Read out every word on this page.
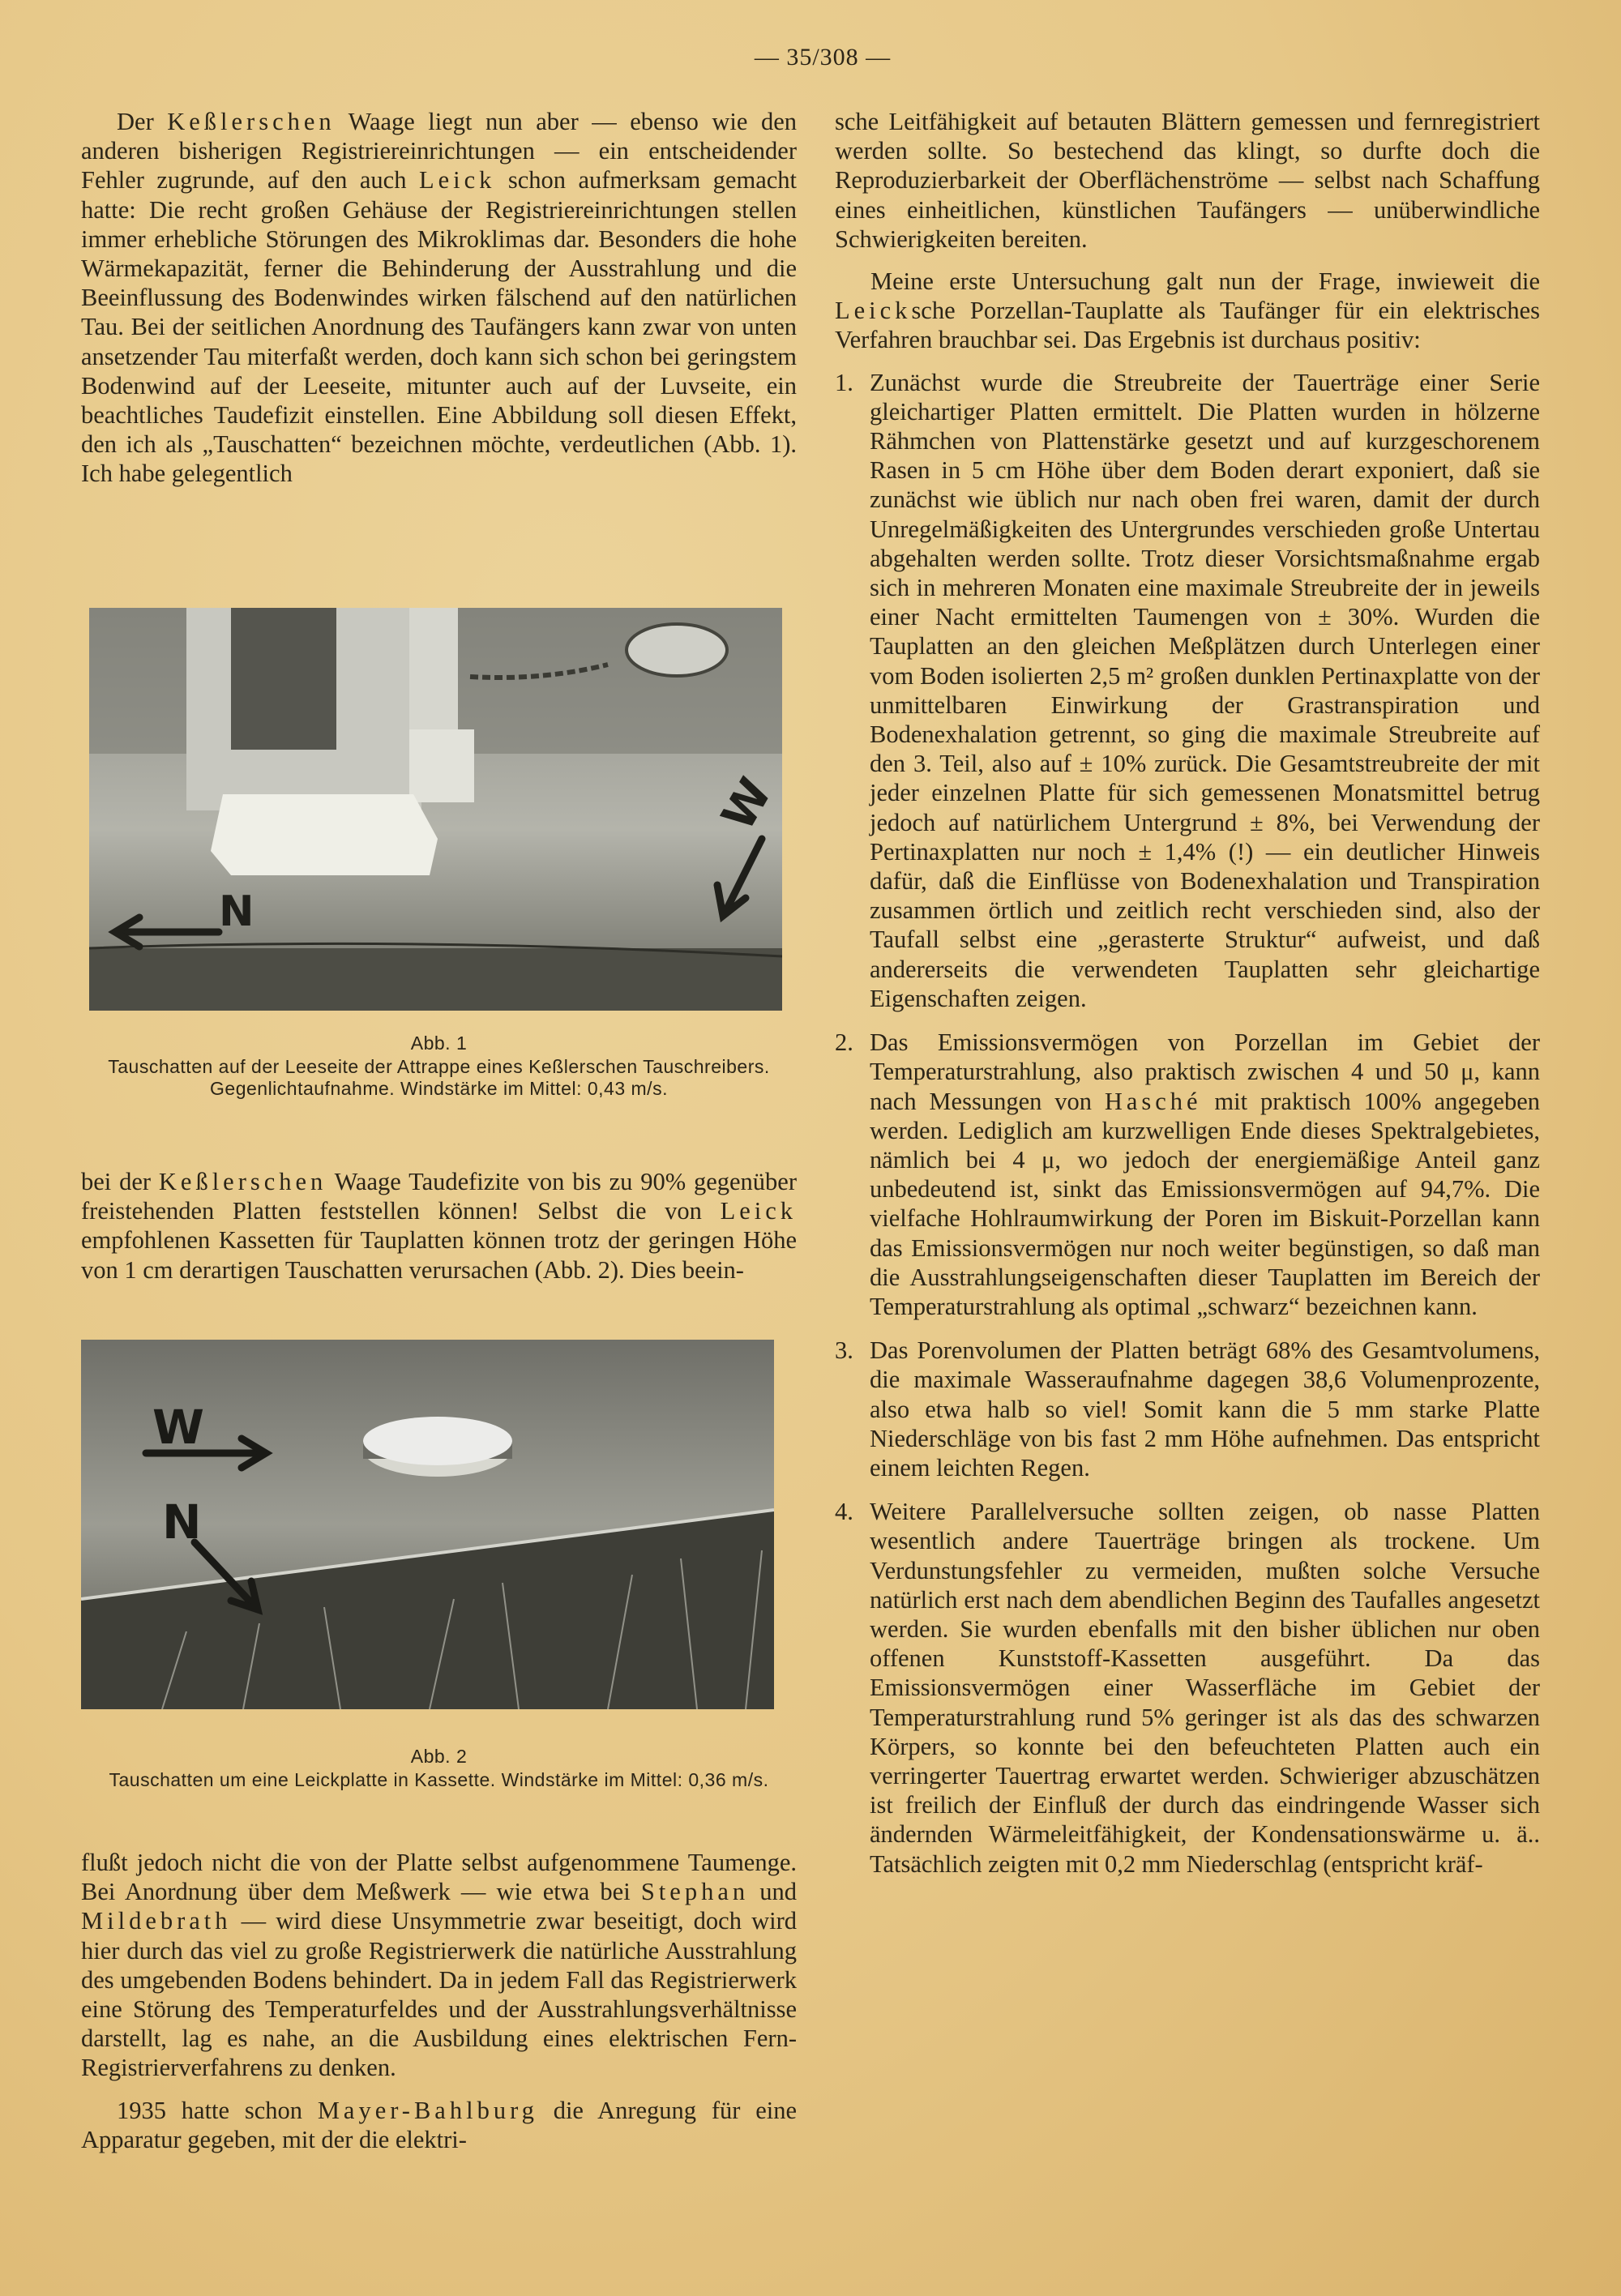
— 35/308 —

Der Keßlerschen Waage liegt nun aber — ebenso wie den anderen bisherigen Registriereinrichtungen — ein entscheidender Fehler zugrunde, auf den auch Leick schon aufmerksam gemacht hatte: Die recht großen Gehäuse der Registriereinrichtungen stellen immer erhebliche Störungen des Mikroklimas dar. Besonders die hohe Wärmekapazität, ferner die Behinderung der Ausstrahlung und die Beeinflussung des Bodenwindes wirken fälschend auf den natürlichen Tau. Bei der seitlichen Anordnung des Taufängers kann zwar von unten ansetzender Tau miterfaßt werden, doch kann sich schon bei geringstem Bodenwind auf der Leeseite, mitunter auch auf der Luvseite, ein beachtliches Taudefizit einstellen. Eine Abbildung soll diesen Effekt, den ich als „Tauschatten“ bezeichnen möchte, verdeutlichen (Abb. 1). Ich habe gelegentlich

N
W
Abb. 1
Tauschatten auf der Leeseite der Attrappe eines Keßlerschen Tauschreibers. Gegenlichtaufnahme. Windstärke im Mittel: 0,43 m/s.

bei der Keßlerschen Waage Taudefizite von bis zu 90% gegenüber freistehenden Platten feststellen können! Selbst die von Leick empfohlenen Kassetten für Tauplatten können trotz der geringen Höhe von 1 cm derartigen Tauschatten verursachen (Abb. 2). Dies beein-

W
N
Abb. 2
Tauschatten um eine Leickplatte in Kassette. Windstärke im Mittel: 0,36 m/s.

flußt jedoch nicht die von der Platte selbst aufgenommene Taumenge. Bei Anordnung über dem Meßwerk — wie etwa bei Stephan und Mildebrath — wird diese Unsymmetrie zwar beseitigt, doch wird hier durch das viel zu große Registrierwerk die natürliche Ausstrahlung des umgebenden Bodens behindert. Da in jedem Fall das Registrierwerk eine Störung des Temperaturfeldes und der Ausstrahlungsverhältnisse darstellt, lag es nahe, an die Ausbildung eines elektrischen Fern-Registrierverfahrens zu denken.

1935 hatte schon Mayer-Bahlburg die Anregung für eine Apparatur gegeben, mit der die elektri-

sche Leitfähigkeit auf betauten Blättern gemessen und fernregistriert werden sollte. So bestechend das klingt, so durfte doch die Reproduzierbarkeit der Oberflächenströme — selbst nach Schaffung eines einheitlichen, künstlichen Taufängers — unüberwindliche Schwierigkeiten bereiten.

Meine erste Untersuchung galt nun der Frage, inwieweit die Leicksche Porzellan-Tauplatte als Taufänger für ein elektrisches Verfahren brauchbar sei. Das Ergebnis ist durchaus positiv:

1. Zunächst wurde die Streubreite der Tauerträge einer Serie gleichartiger Platten ermittelt. Die Platten wurden in hölzerne Rähmchen von Plattenstärke gesetzt und auf kurzgeschorenem Rasen in 5 cm Höhe über dem Boden derart exponiert, daß sie zunächst wie üblich nur nach oben frei waren, damit der durch Unregelmäßigkeiten des Untergrundes verschieden große Untertau abgehalten werden sollte. Trotz dieser Vorsichtsmaßnahme ergab sich in mehreren Monaten eine maximale Streubreite der in jeweils einer Nacht ermittelten Taumengen von ± 30%. Wurden die Tauplatten an den gleichen Meßplätzen durch Unterlegen einer vom Boden isolierten 2,5 m² großen dunklen Pertinaxplatte von der unmittelbaren Einwirkung der Grastranspiration und Bodenexhalation getrennt, so ging die maximale Streubreite auf den 3. Teil, also auf ± 10% zurück. Die Gesamtstreubreite der mit jeder einzelnen Platte für sich gemessenen Monatsmittel betrug jedoch auf natürlichem Untergrund ± 8%, bei Verwendung der Pertinaxplatten nur noch ± 1,4% (!) — ein deutlicher Hinweis dafür, daß die Einflüsse von Bodenexhalation und Transpiration zusammen örtlich und zeitlich recht verschieden sind, also der Taufall selbst eine „gerasterte Struktur“ aufweist, und daß andererseits die verwendeten Tauplatten sehr gleichartige Eigenschaften zeigen.
2. Das Emissionsvermögen von Porzellan im Gebiet der Temperaturstrahlung, also praktisch zwischen 4 und 50 μ, kann nach Messungen von Hasché mit praktisch 100% angegeben werden. Lediglich am kurzwelligen Ende dieses Spektralgebietes, nämlich bei 4 μ, wo jedoch der energiemäßige Anteil ganz unbedeutend ist, sinkt das Emissionsvermögen auf 94,7%. Die vielfache Hohlraumwirkung der Poren im Biskuit-Porzellan kann das Emissionsvermögen nur noch weiter begünstigen, so daß man die Ausstrahlungseigenschaften dieser Tauplatten im Bereich der Temperaturstrahlung als optimal „schwarz“ bezeichnen kann.
3. Das Porenvolumen der Platten beträgt 68% des Gesamtvolumens, die maximale Wasseraufnahme dagegen 38,6 Volumenprozente, also etwa halb so viel! Somit kann die 5 mm starke Platte Niederschläge von bis fast 2 mm Höhe aufnehmen. Das entspricht einem leichten Regen.
4. Weitere Parallelversuche sollten zeigen, ob nasse Platten wesentlich andere Tauerträge bringen als trockene. Um Verdunstungsfehler zu vermeiden, mußten solche Versuche natürlich erst nach dem abendlichen Beginn des Taufalles angesetzt werden. Sie wurden ebenfalls mit den bisher üblichen nur oben offenen Kunststoff-Kassetten ausgeführt. Da das Emissionsvermögen einer Wasserfläche im Gebiet der Temperaturstrahlung rund 5% geringer ist als das des schwarzen Körpers, so konnte bei den befeuchteten Platten auch ein verringerter Tauertrag erwartet werden. Schwieriger abzuschätzen ist freilich der Einfluß der durch das eindringende Wasser sich ändernden Wärmeleitfähigkeit, der Kondensationswärme u. ä.. Tatsächlich zeigten mit 0,2 mm Niederschlag (entspricht kräf-
